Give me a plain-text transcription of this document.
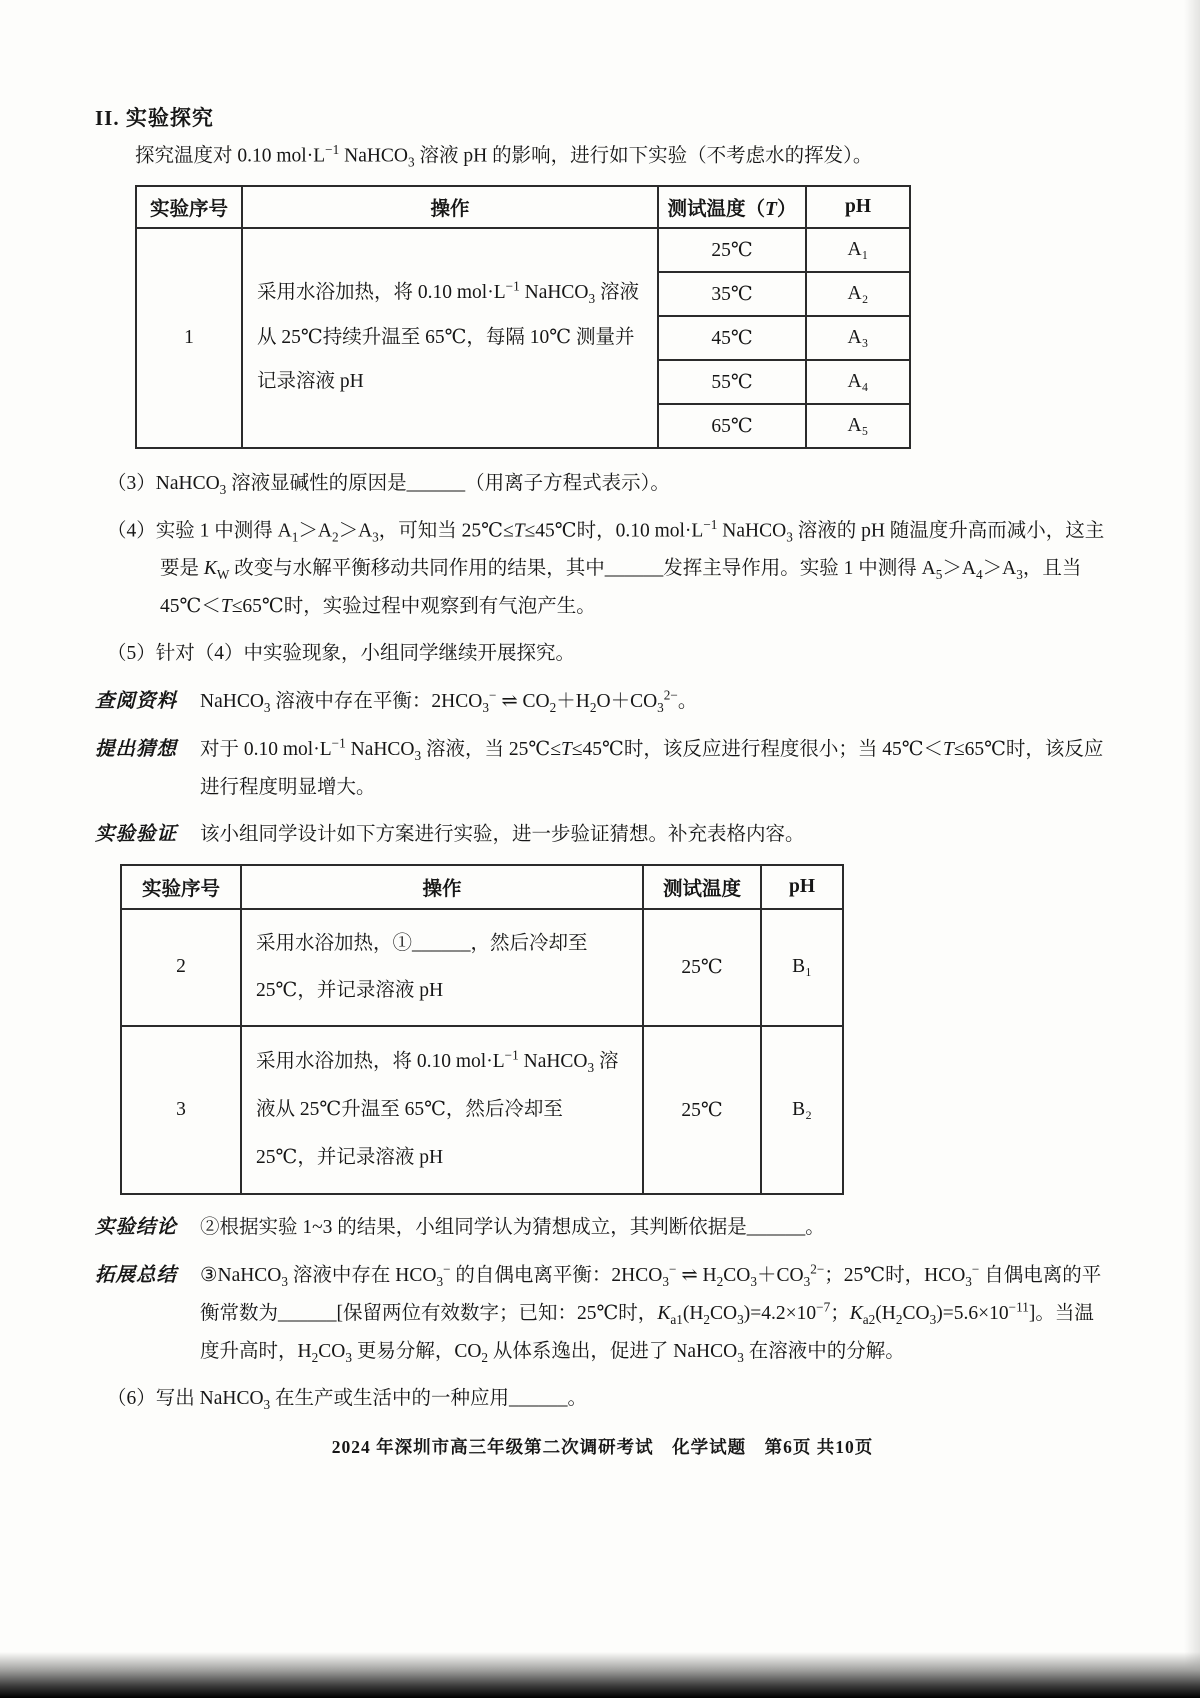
II. 实验探究

探究温度对 0.10 $mol\cdot L^{-1}$ NaHCO$_3$ 溶液 pH 的影响，进行如下实验（不考虑水的挥发）。

实验序号	操作	测试温度（T）	pH
1	采用水浴加热，将 0.10 $mol\cdot L^{-1}$ NaHCO$_3$ 溶液从 25℃持续升温至 65℃，每隔 10℃ 测量并记录溶液 pH	25℃	A₁
		35℃	A₂
		45℃	A₃
		55℃	A₄
		65℃	A₅

（3）NaHCO$_3$ 溶液显碱性的原因是______（用离子方程式表示）。

（4）实验 1 中测得 $A_1>A_2>A_3$，可知当 25℃≤T≤45℃时，0.10 $mol\cdot L^{-1}$ NaHCO$_3$ 溶液的 pH 随温度升高而减小，这主要是 $K_W$ 改变与水解平衡移动共同作用的结果，其中______发挥主导作用。实验 1 中测得 $A_5>A_4>A_3$，且当 45℃＜T≤65℃时，实验过程中观察到有气泡产生。

（5）针对（4）中实验现象，小组同学继续开展探究。

查阅资料 NaHCO$_3$ 溶液中存在平衡：$2HCO_3^-$ ⇌ $CO_2+H_2O+CO_3^{2-}$。

提出猜想 对于 0.10 $mol\cdot L^{-1}$ NaHCO$_3$ 溶液，当 25℃≤T≤45℃时，该反应进行程度很小；当 45℃＜T≤65℃时，该反应进行程度明显增大。

实验验证 该小组同学设计如下方案进行实验，进一步验证猜想。补充表格内容。

实验序号	操作	测试温度	pH
2	采用水浴加热，①______，然后冷却至 25℃，并记录溶液 pH	25℃	B₁
3	采用水浴加热，将 0.10 $mol\cdot L^{-1}$ NaHCO$_3$ 溶液从 25℃升温至 65℃，然后冷却至 25℃，并记录溶液 pH	25℃	B₂

实验结论 ②根据实验 1~3 的结果，小组同学认为猜想成立，其判断依据是______。

拓展总结 ③NaHCO$_3$ 溶液中存在 $HCO_3^-$ 的自偶电离平衡：$2HCO_3^-$ ⇌ $H_2CO_3+CO_3^{2-}$；25℃时，$HCO_3^-$ 自偶电离的平衡常数为______[保留两位有效数字；已知：25℃时，$K_{a1}(H_2CO_3)=4.2\times 10^{-7}$；$K_{a2}(H_2CO_3)=5.6\times 10^{-11}$]。当温度升高时，$H_2CO_3$ 更易分解，$CO_2$ 从体系逸出，促进了 NaHCO$_3$ 在溶液中的分解。

（6）写出 NaHCO$_3$ 在生产或生活中的一种应用______。

2024 年深圳市高三年级第二次调研考试　化学试题　第6页 共10页
